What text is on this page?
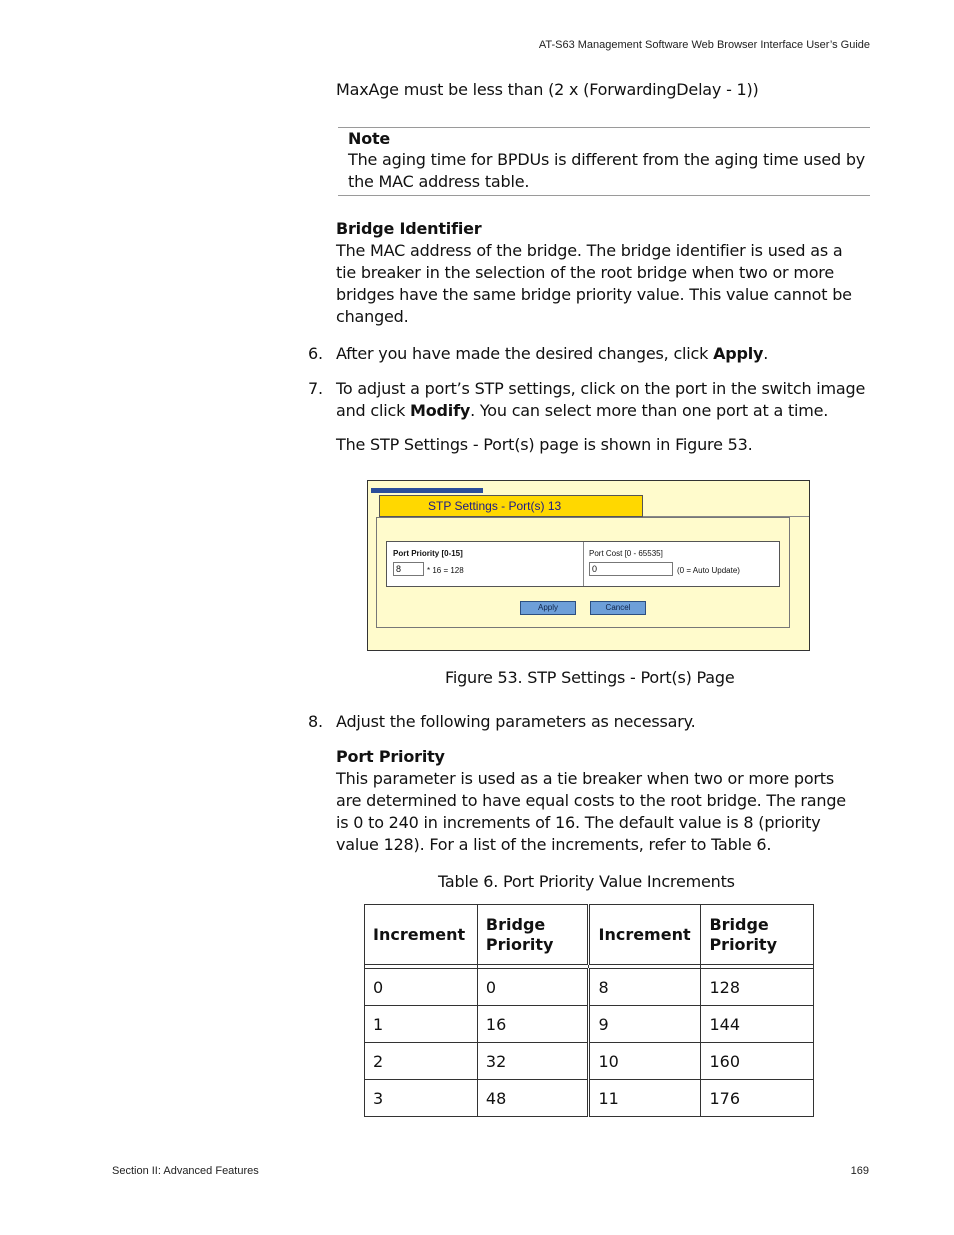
AT-S63 Management Software Web Browser Interface User’s Guide
MaxAge must be less than (2 x (ForwardingDelay - 1))
Note
The aging time for BPDUs is different from the aging time used by the MAC address table.
Bridge Identifier
The MAC address of the bridge. The bridge identifier is used as a tie breaker in the selection of the root bridge when two or more bridges have the same bridge priority value. This value cannot be changed.
6. After you have made the desired changes, click Apply.
7. To adjust a port’s STP settings, click on the port in the switch image and click Modify. You can select more than one port at a time.
The STP Settings - Port(s) page is shown in Figure 53.
STP Settings - Port(s) 13
Port Priority [0-15]
8	* 16 = 128
Port Cost [0 - 65535]
0	(0 = Auto Update)
Apply	Cancel
Figure 53. STP Settings - Port(s) Page
8. Adjust the following parameters as necessary.
Port Priority
This parameter is used as a tie breaker when two or more ports are determined to have equal costs to the root bridge. The range is 0 to 240 in increments of 16. The default value is 8 (priority value 128). For a list of the increments, refer to Table 6.
Table 6. Port Priority Value Increments
Increment	Bridge Priority	Increment	Bridge Priority

0	0	8	128
1	16	9	144
2	32	10	160
3	48	11	176
Section II: Advanced Features	169
